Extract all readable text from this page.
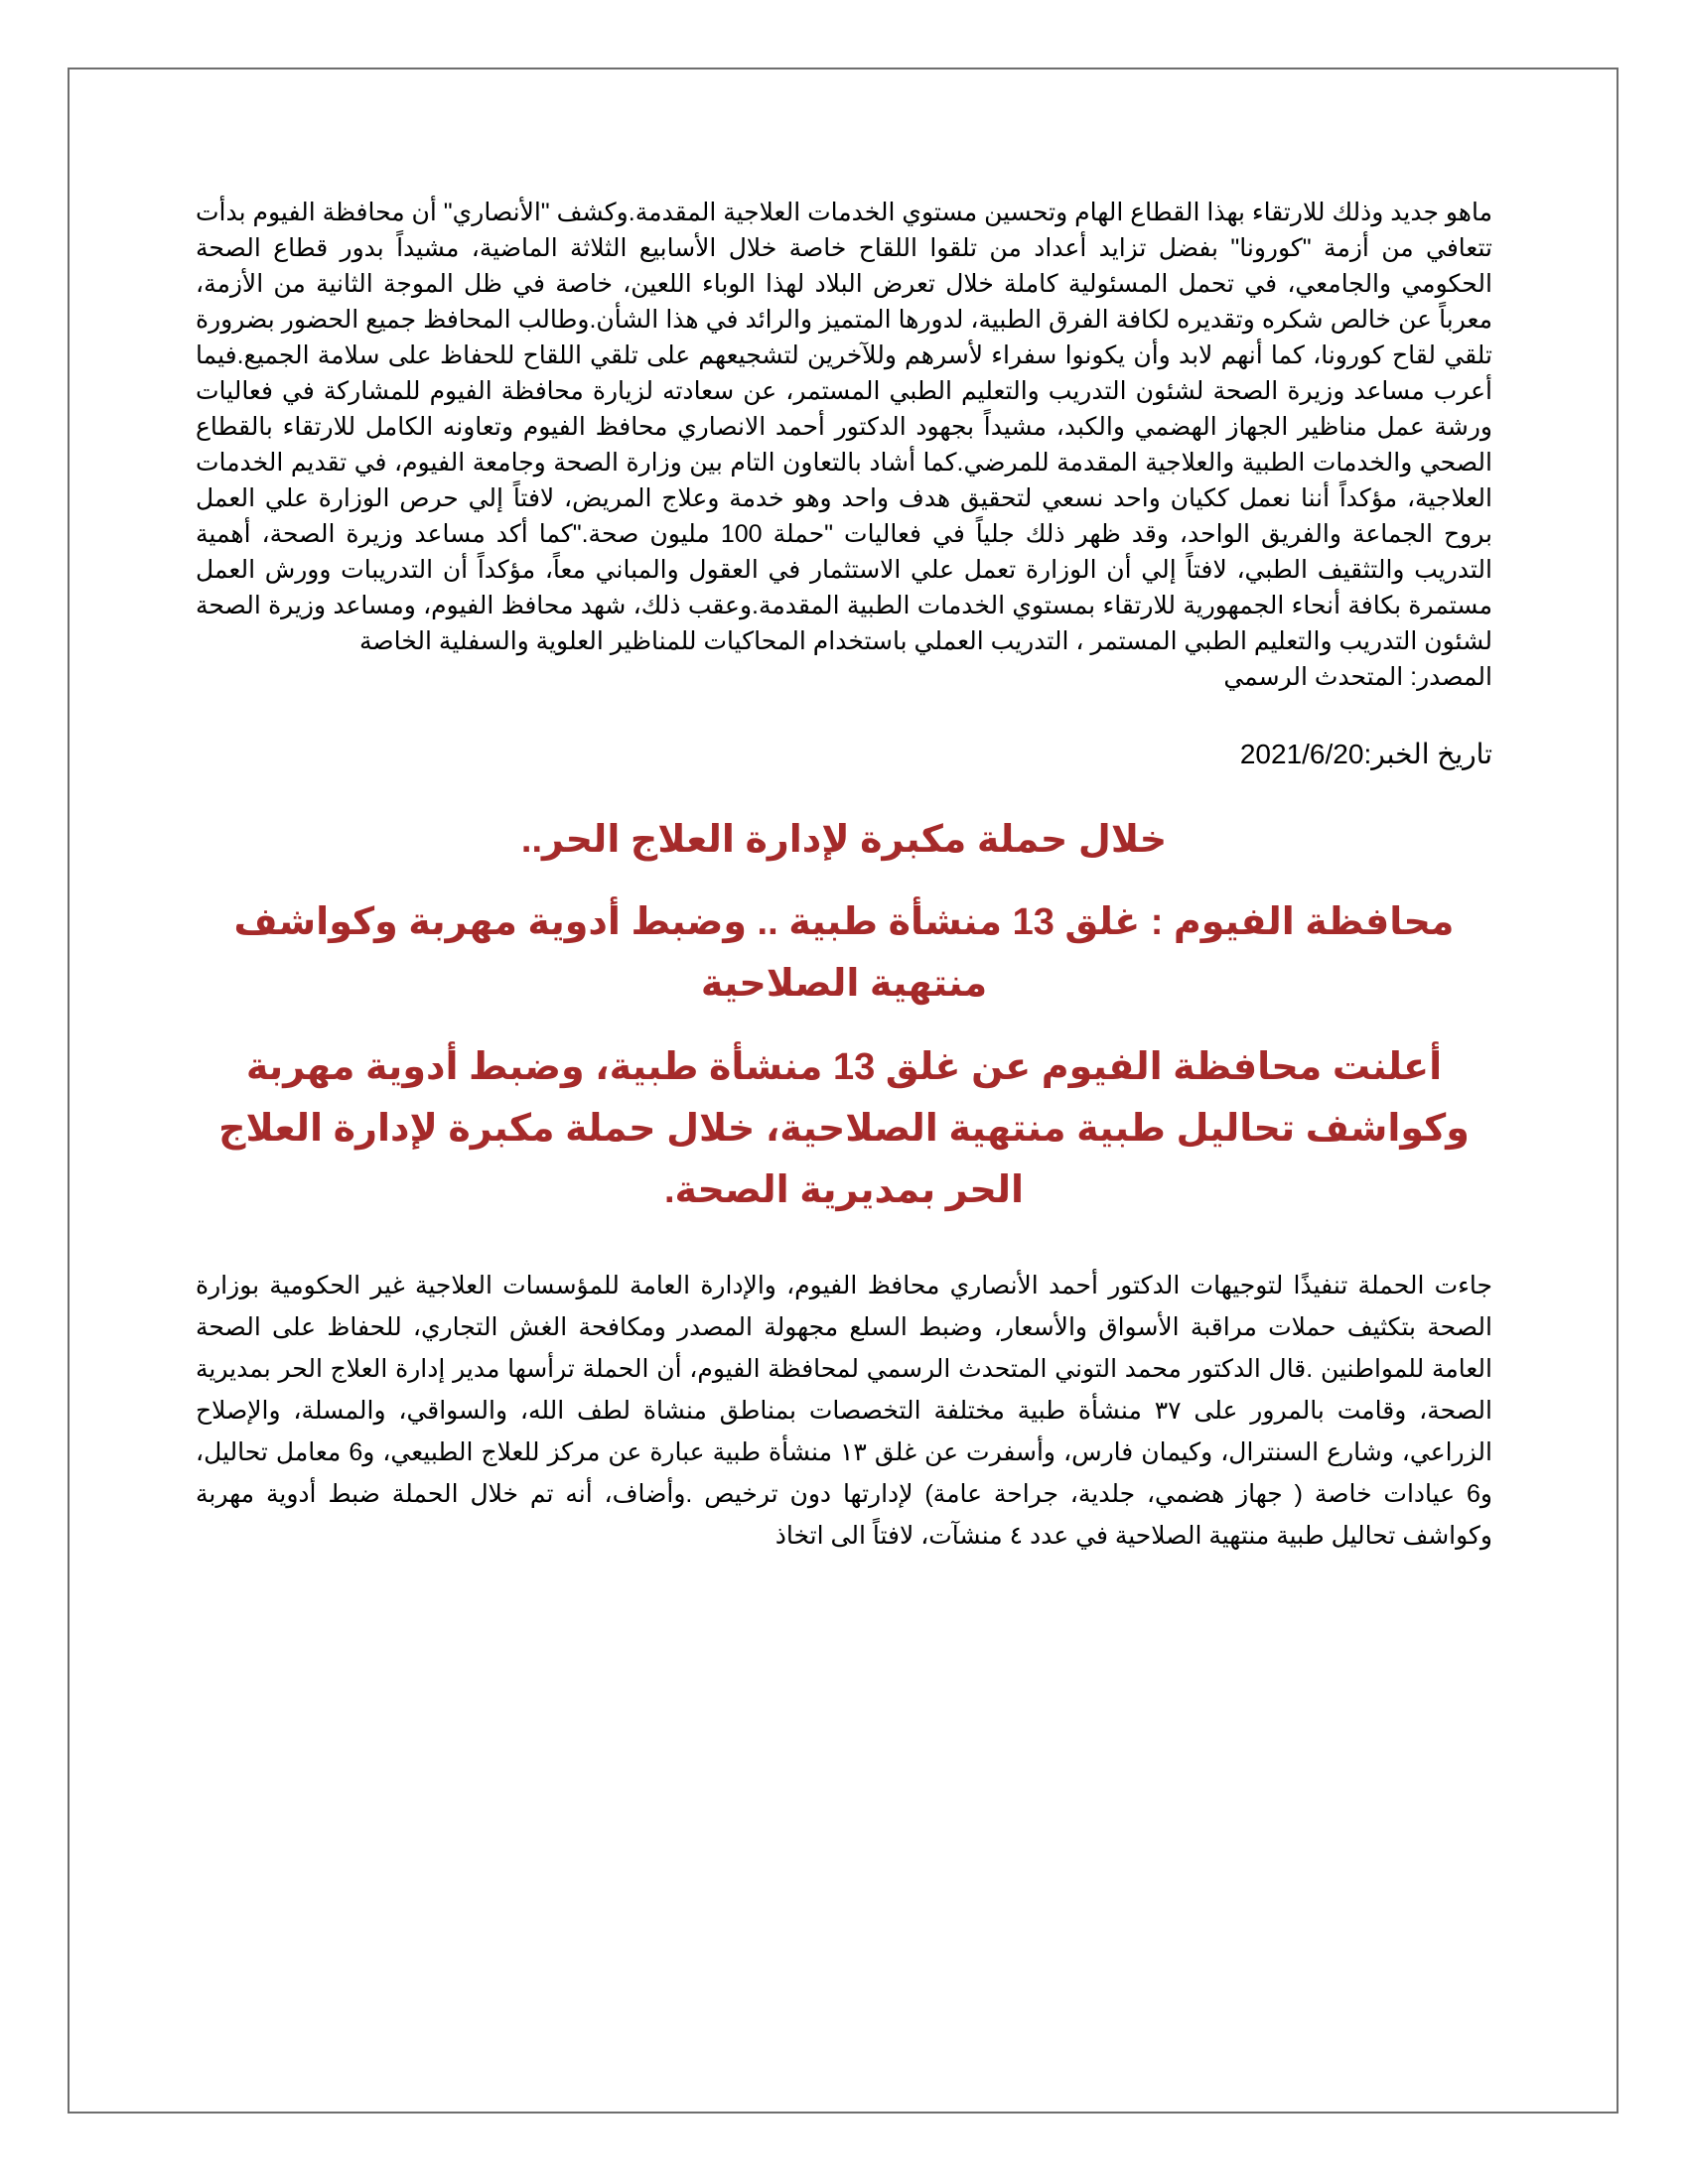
ماهو جديد وذلك للارتقاء بهذا القطاع الهام وتحسين مستوي الخدمات العلاجية المقدمة.وكشف "الأنصاري" أن محافظة الفيوم بدأت تتعافي من أزمة "كورونا" بفضل تزايد أعداد من تلقوا اللقاح خاصة خلال الأسابيع الثلاثة الماضية، مشيداً بدور قطاع الصحة الحكومي والجامعي، في تحمل المسئولية كاملة خلال تعرض البلاد لهذا الوباء اللعين، خاصة في ظل الموجة الثانية من الأزمة، معرباً عن خالص شكره وتقديره لكافة الفرق الطبية، لدورها المتميز والرائد في هذا الشأن.وطالب المحافظ جميع الحضور بضرورة تلقي لقاح كورونا، كما أنهم لابد وأن يكونوا سفراء لأسرهم وللآخرين لتشجيعهم على تلقي اللقاح للحفاظ على سلامة الجميع.فيما أعرب مساعد وزيرة الصحة لشئون التدريب والتعليم الطبي المستمر، عن سعادته لزيارة محافظة الفيوم للمشاركة في فعاليات ورشة عمل مناظير الجهاز الهضمي والكبد، مشيداً بجهود الدكتور أحمد الانصاري محافظ الفيوم وتعاونه الكامل للارتقاء بالقطاع الصحي والخدمات الطبية والعلاجية المقدمة للمرضي.كما أشاد بالتعاون التام بين وزارة الصحة وجامعة الفيوم، في تقديم الخدمات العلاجية، مؤكداً أننا نعمل ككيان واحد نسعي لتحقيق هدف واحد وهو خدمة وعلاج المريض، لافتاً إلي حرص الوزارة علي العمل بروح الجماعة والفريق الواحد، وقد ظهر ذلك جلياً في فعاليات "حملة 100 مليون صحة."كما أكد مساعد وزيرة الصحة، أهمية التدريب والتثقيف الطبي، لافتاً إلي أن الوزارة تعمل علي الاستثمار في العقول والمباني معاً، مؤكداً أن التدريبات وورش العمل مستمرة بكافة أنحاء الجمهورية للارتقاء بمستوي الخدمات الطبية المقدمة.وعقب ذلك، شهد محافظ الفيوم، ومساعد وزيرة الصحة لشئون التدريب والتعليم الطبي المستمر ، التدريب العملي باستخدام المحاكيات للمناظير العلوية والسفلية الخاصة

المصدر: المتحدث الرسمي

تاريخ الخبر:2021/6/20

خلال حملة مكبرة لإدارة العلاج الحر..
محافظة الفيوم : غلق 13 منشأة طبية .. وضبط أدوية مهربة وكواشف منتهية الصلاحية
أعلنت محافظة الفيوم عن غلق 13 منشأة طبية، وضبط أدوية مهربة وكواشف تحاليل طبية منتهية الصلاحية، خلال حملة مكبرة لإدارة العلاج الحر بمديرية الصحة.

جاءت الحملة تنفيذًا لتوجيهات الدكتور أحمد الأنصاري محافظ الفيوم، والإدارة العامة للمؤسسات العلاجية غير الحكومية بوزارة الصحة بتكثيف حملات مراقبة الأسواق والأسعار، وضبط السلع مجهولة المصدر ومكافحة الغش التجاري، للحفاظ على الصحة العامة للمواطنين .قال الدكتور محمد التوني المتحدث الرسمي لمحافظة الفيوم، أن الحملة ترأسها مدير إدارة العلاج الحر بمديرية الصحة، وقامت بالمرور على ٣٧ منشأة طبية مختلفة التخصصات بمناطق منشاة لطف الله، والسواقي، والمسلة، والإصلاح الزراعي، وشارع السنترال، وكيمان فارس، وأسفرت عن غلق ١٣ منشأة طبية عبارة عن مركز للعلاج الطبيعي، و6 معامل تحاليل، و6 عيادات خاصة ( جهاز هضمي، جلدية، جراحة عامة) لإدارتها دون ترخيص .وأضاف، أنه تم خلال الحملة ضبط أدوية مهربة وكواشف تحاليل طبية منتهية الصلاحية في عدد ٤ منشآت، لافتاً الى اتخاذ
